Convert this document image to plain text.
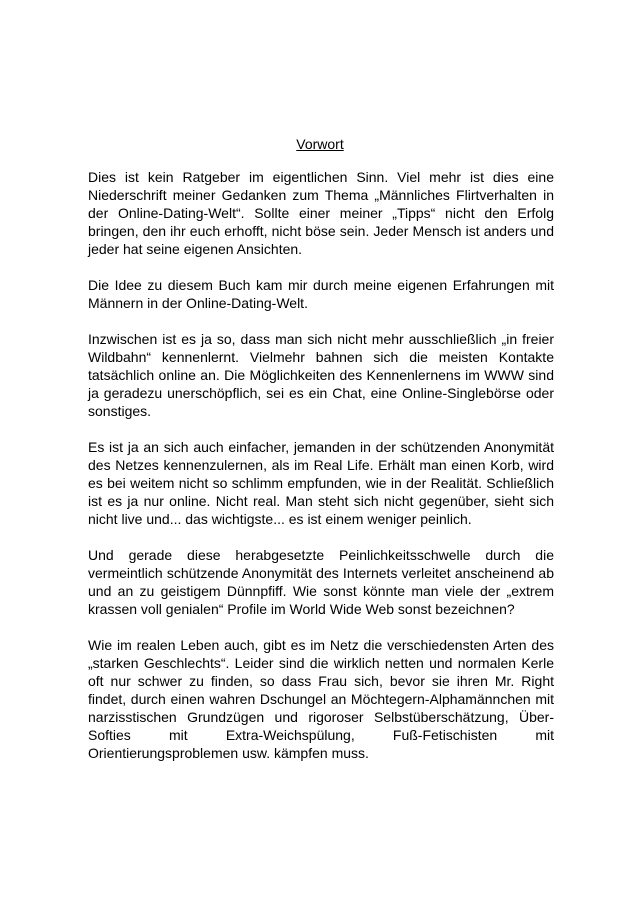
Vorwort

Dies ist kein Ratgeber im eigentlichen Sinn. Viel mehr ist dies eine Niederschrift meiner Gedanken zum Thema „Männliches Flirtverhalten in der Online-Dating-Welt“. Sollte einer meiner „Tipps“ nicht den Erfolg bringen, den ihr euch erhofft, nicht böse sein. Jeder Mensch ist anders und jeder hat seine eigenen Ansichten.

Die Idee zu diesem Buch kam mir durch meine eigenen Erfahrungen mit Männern in der Online-Dating-Welt.

Inzwischen ist es ja so, dass man sich nicht mehr ausschließlich „in freier Wildbahn“ kennenlernt. Vielmehr bahnen sich die meisten Kontakte tatsächlich online an. Die Möglichkeiten des Kennenlernens im WWW sind ja geradezu unerschöpflich, sei es ein Chat, eine Online-Singlebörse oder sonstiges.

Es ist ja an sich auch einfacher, jemanden in der schützenden Anonymität des Netzes kennenzulernen, als im Real Life. Erhält man einen Korb, wird es bei weitem nicht so schlimm empfunden, wie in der Realität. Schließlich ist es ja nur online. Nicht real. Man steht sich nicht gegenüber, sieht sich nicht live und... das wichtigste... es ist einem weniger peinlich.

Und gerade diese herabgesetzte Peinlichkeitsschwelle durch die vermeintlich schützende Anonymität des Internets verleitet anscheinend ab und an zu geistigem Dünnpfiff. Wie sonst könnte man viele der „extrem krassen voll genialen“ Profile im World Wide Web sonst bezeichnen?

Wie im realen Leben auch, gibt es im Netz die verschiedensten Arten des „starken Geschlechts“. Leider sind die wirklich netten und normalen Kerle oft nur schwer zu finden, so dass Frau sich, bevor sie ihren Mr. Right findet, durch einen wahren Dschungel an Möchtegern-Alphamännchen mit narzisstischen Grundzügen und rigoroser Selbstüberschätzung, Über-Softies mit Extra-Weichspülung, Fuß-Fetischisten mit Orientierungsproblemen usw. kämpfen muss.
